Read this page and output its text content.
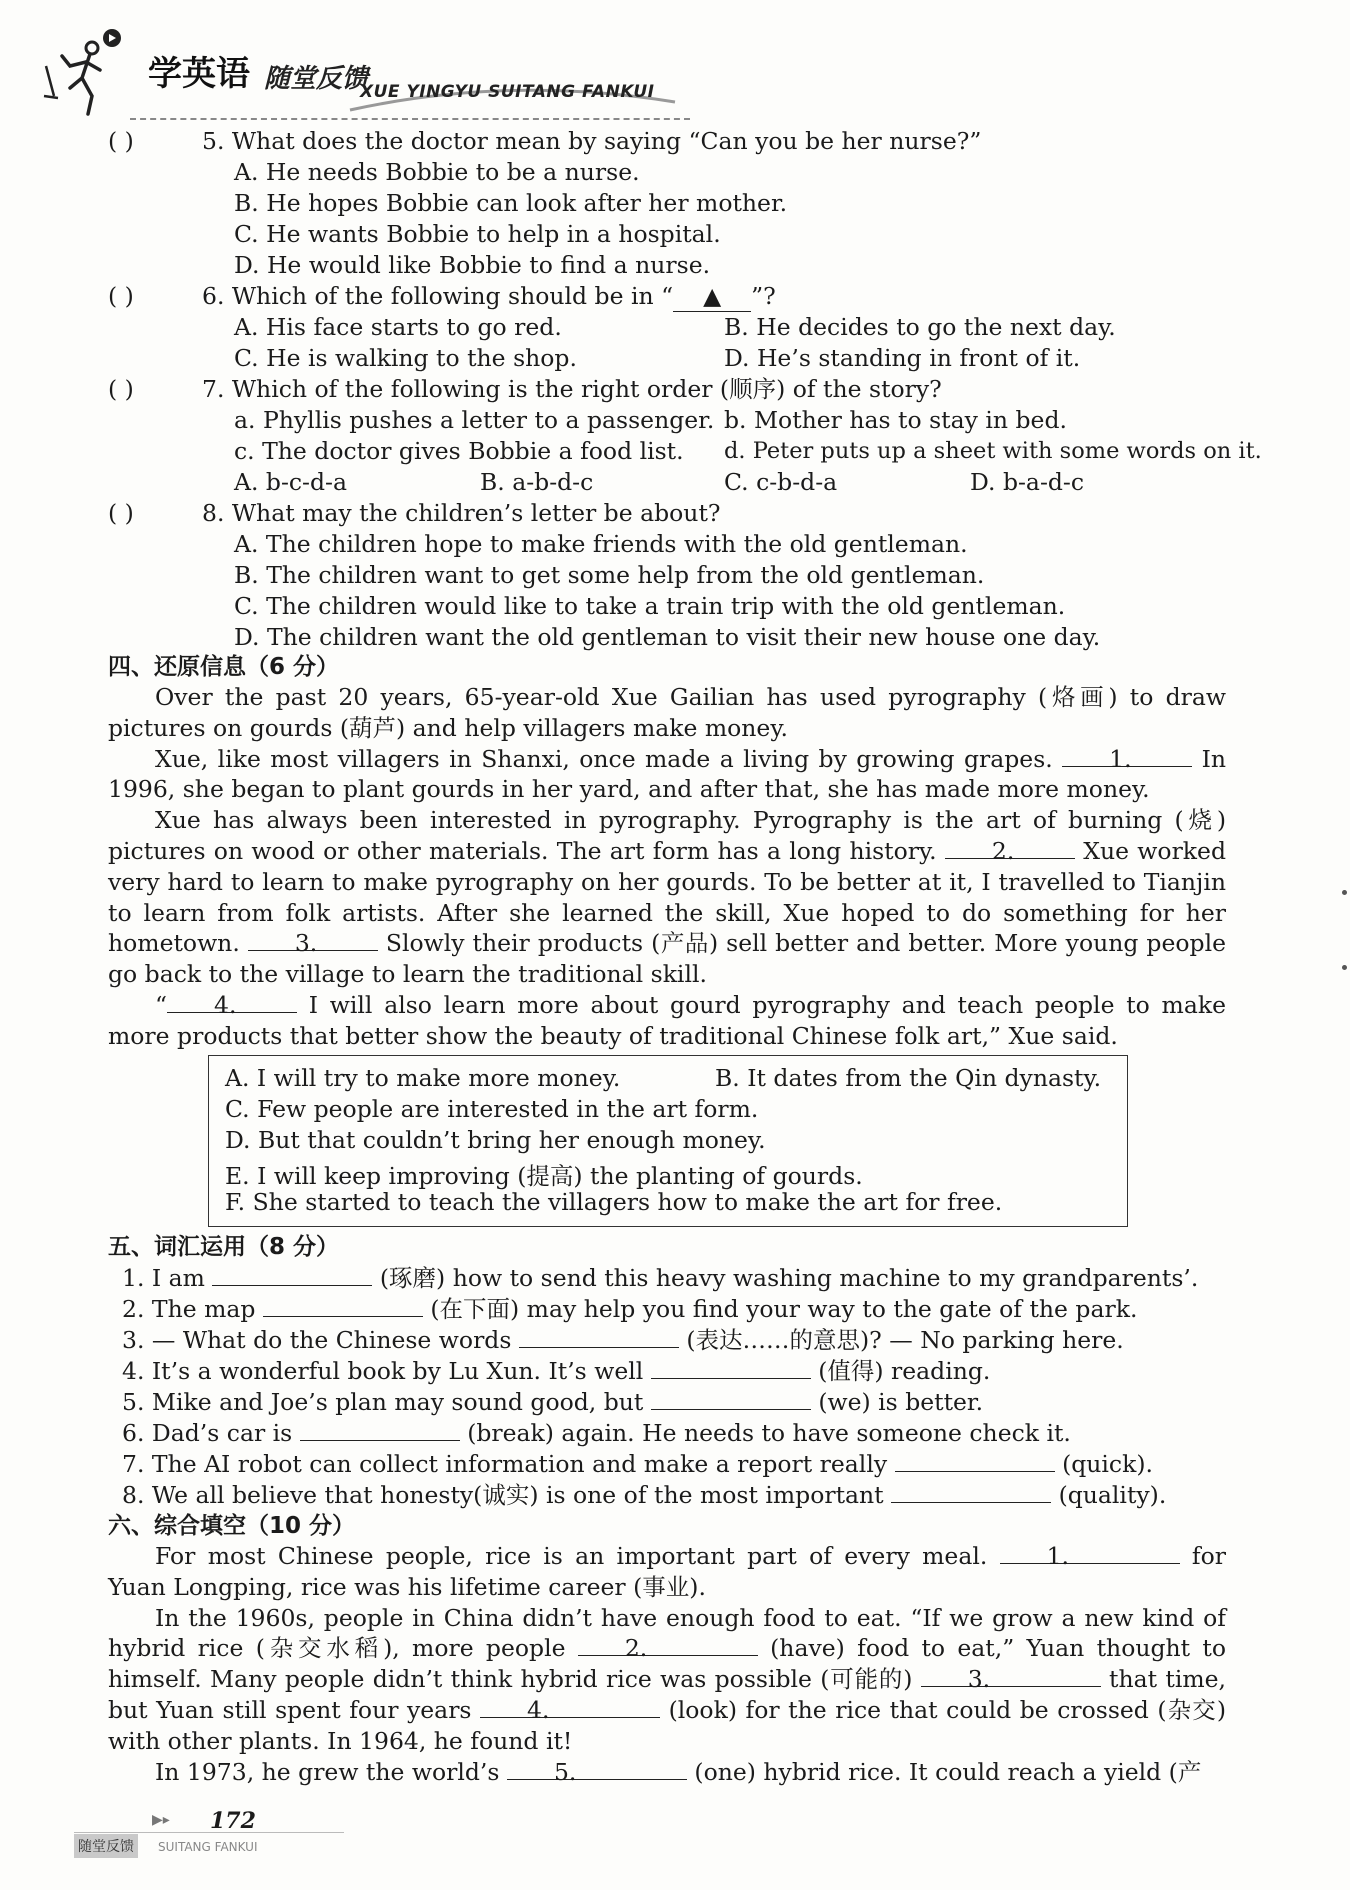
学英语 随堂反馈
XUE YINGYU SUITANG FANKUI
( )	5. What does the doctor mean by saying “Can you be her nurse?”
A. He needs Bobbie to be a nurse.
B. He hopes Bobbie can look after her mother.
C. He wants Bobbie to help in a hospital.
D. He would like Bobbie to find a nurse.
( )	6. Which of the following should be in “ ▲ ”?
A. His face starts to go red.	B. He decides to go the next day.
C. He is walking to the shop.	D. He’s standing in front of it.
( )	7. Which of the following is the right order (顺序) of the story?
a. Phyllis pushes a letter to a passenger. b. Mother has to stay in bed.
c. The doctor gives Bobbie a food list. d. Peter puts up a sheet with some words on it.
A. b-c-d-a	B. a-b-d-c	C. c-b-d-a	D. b-a-d-c
( )	8. What may the children’s letter be about?
A. The children hope to make friends with the old gentleman.
B. The children want to get some help from the old gentleman.
C. The children would like to take a train trip with the old gentleman.
D. The children want the old gentleman to visit their new house one day.
四、还原信息（6 分）

Over the past 20 years, 65-year-old Xue Gailian has used pyrography (烙画) to draw pictures on gourds (葫芦) and help villagers make money.

Xue, like most villagers in Shanxi, once made a living by growing grapes. 1.	In 1996, she began to plant gourds in her yard, and after that, she has made more money.

Xue has always been interested in pyrography. Pyrography is the art of burning (烧) pictures on wood or other materials. The art form has a long history. 2.	Xue worked very hard to learn to make pyrography on her gourds. To be better at it, I travelled to Tianjin to learn from folk artists. After she learned the skill, Xue hoped to do something for her hometown. 3.	Slowly their products (产品) sell better and better. More young people go back to the village to learn the traditional skill.

“ 4.	I will also learn more about gourd pyrography and teach people to make more products that better show the beauty of traditional Chinese folk art,” Xue said.

A. I will try to make more money.	B. It dates from the Qin dynasty.
C. Few people are interested in the art form.
D. But that couldn’t bring her enough money.
E. I will keep improving (提高) the planting of gourds.
F. She started to teach the villagers how to make the art for free.
五、词汇运用（8 分）
1. I am	(琢磨) how to send this heavy washing machine to my grandparents’.
2. The map	(在下面) may help you find your way to the gate of the park.
3. — What do the Chinese words	(表达……的意思)? — No parking here.
4. It’s a wonderful book by Lu Xun. It’s well	(值得) reading.
5. Mike and Joe’s plan may sound good, but	(we) is better.
6. Dad’s car is	(break) again. He needs to have someone check it.
7. The AI robot can collect information and make a report really	(quick).
8. We all believe that honesty(诚实) is one of the most important	(quality).
六、综合填空（10 分）

For most Chinese people, rice is an important part of every meal. 1.	for Yuan Longping, rice was his lifetime career (事业).

In the 1960s, people in China didn’t have enough food to eat. “If we grow a new kind of hybrid rice (杂交水稻), more people 2.	(have) food to eat,” Yuan thought to himself. Many people didn’t think hybrid rice was possible (可能的) 3.	that time, but Yuan still spent four years 4.	(look) for the rice that could be crossed (杂交) with other plants. In 1964, he found it!

In 1973, he grew the world’s 5.	(one) hybrid rice. It could reach a yield (产

▶▸ 172
随堂反馈	SUITANG FANKUI
